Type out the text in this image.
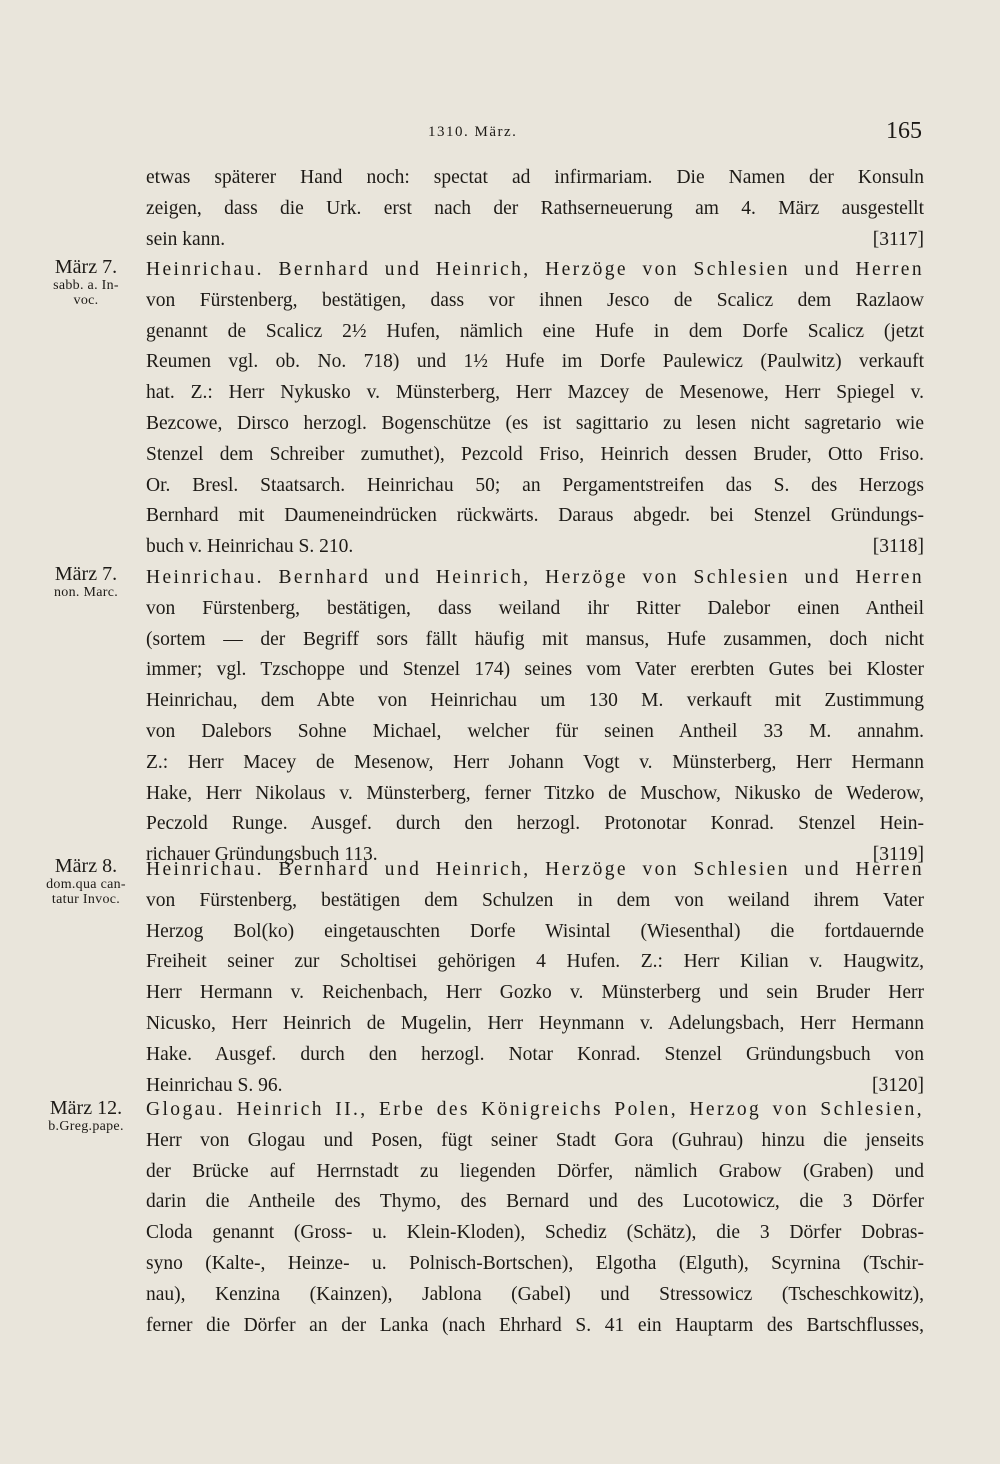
1310. März.	165
etwas späterer Hand noch: spectat ad infirmariam. Die Namen der Konsuln
zeigen, dass die Urk. erst nach der Rathserneuerung am 4. März ausgestellt
sein kann.	[3117]
März 7.
sabb. a. In-
voc.
Heinrichau. Bernhard und Heinrich, Herzöge von Schlesien und Herren
von Fürstenberg, bestätigen, dass vor ihnen Jesco de Scalicz dem Razlaow
genannt de Scalicz 2½ Hufen, nämlich eine Hufe in dem Dorfe Scalicz (jetzt
Reumen vgl. ob. No. 718) und 1½ Hufe im Dorfe Paulewicz (Paulwitz) verkauft
hat. Z.: Herr Nykusko v. Münsterberg, Herr Mazcey de Mesenowe, Herr Spiegel v.
Bezcowe, Dirsco herzogl. Bogenschütze (es ist sagittario zu lesen nicht sagretario wie
Stenzel dem Schreiber zumuthet), Pezcold Friso, Heinrich dessen Bruder, Otto Friso.
Or. Bresl. Staatsarch. Heinrichau 50; an Pergamentstreifen das S. des Herzogs
Bernhard mit Daumeneindrücken rückwärts. Daraus abgedr. bei Stenzel Gründungs-
buch v. Heinrichau S. 210.	[3118]
März 7.
non. Marc.
Heinrichau. Bernhard und Heinrich, Herzöge von Schlesien und Herren
von Fürstenberg, bestätigen, dass weiland ihr Ritter Dalebor einen Antheil
(sortem — der Begriff sors fällt häufig mit mansus, Hufe zusammen, doch nicht
immer; vgl. Tzschoppe und Stenzel 174) seines vom Vater ererbten Gutes bei Kloster
Heinrichau, dem Abte von Heinrichau um 130 M. verkauft mit Zustimmung
von Dalebors Sohne Michael, welcher für seinen Antheil 33 M. annahm.
Z.: Herr Macey de Mesenow, Herr Johann Vogt v. Münsterberg, Herr Hermann
Hake, Herr Nikolaus v. Münsterberg, ferner Titzko de Muschow, Nikusko de Wederow,
Peczold Runge. Ausgef. durch den herzogl. Protonotar Konrad. Stenzel Hein-
richauer Gründungsbuch 113.	[3119]
März 8.
dom.qua can-
tatur Invoc.
Heinrichau. Bernhard und Heinrich, Herzöge von Schlesien und Herren
von Fürstenberg, bestätigen dem Schulzen in dem von weiland ihrem Vater
Herzog Bol(ko) eingetauschten Dorfe Wisintal (Wiesenthal) die fortdauernde
Freiheit seiner zur Scholtisei gehörigen 4 Hufen. Z.: Herr Kilian v. Haugwitz,
Herr Hermann v. Reichenbach, Herr Gozko v. Münsterberg und sein Bruder Herr
Nicusko, Herr Heinrich de Mugelin, Herr Heynmann v. Adelungsbach, Herr Hermann
Hake. Ausgef. durch den herzogl. Notar Konrad. Stenzel Gründungsbuch von
Heinrichau S. 96.	[3120]
März 12.
b.Greg.pape.
Glogau. Heinrich II., Erbe des Königreichs Polen, Herzog von Schlesien,
Herr von Glogau und Posen, fügt seiner Stadt Gora (Guhrau) hinzu die jenseits
der Brücke auf Herrnstadt zu liegenden Dörfer, nämlich Grabow (Graben) und
darin die Antheile des Thymo, des Bernard und des Lucotowicz, die 3 Dörfer
Cloda genannt (Gross- u. Klein-Kloden), Schediz (Schätz), die 3 Dörfer Dobras-
syno (Kalte-, Heinze- u. Polnisch-Bortschen), Elgotha (Elguth), Scyrnina (Tschir-
nau), Kenzina (Kainzen), Jablona (Gabel) und Stressowicz (Tscheschkowitz),
ferner die Dörfer an der Lanka (nach Ehrhard S. 41 ein Hauptarm des Bartschflusses,
